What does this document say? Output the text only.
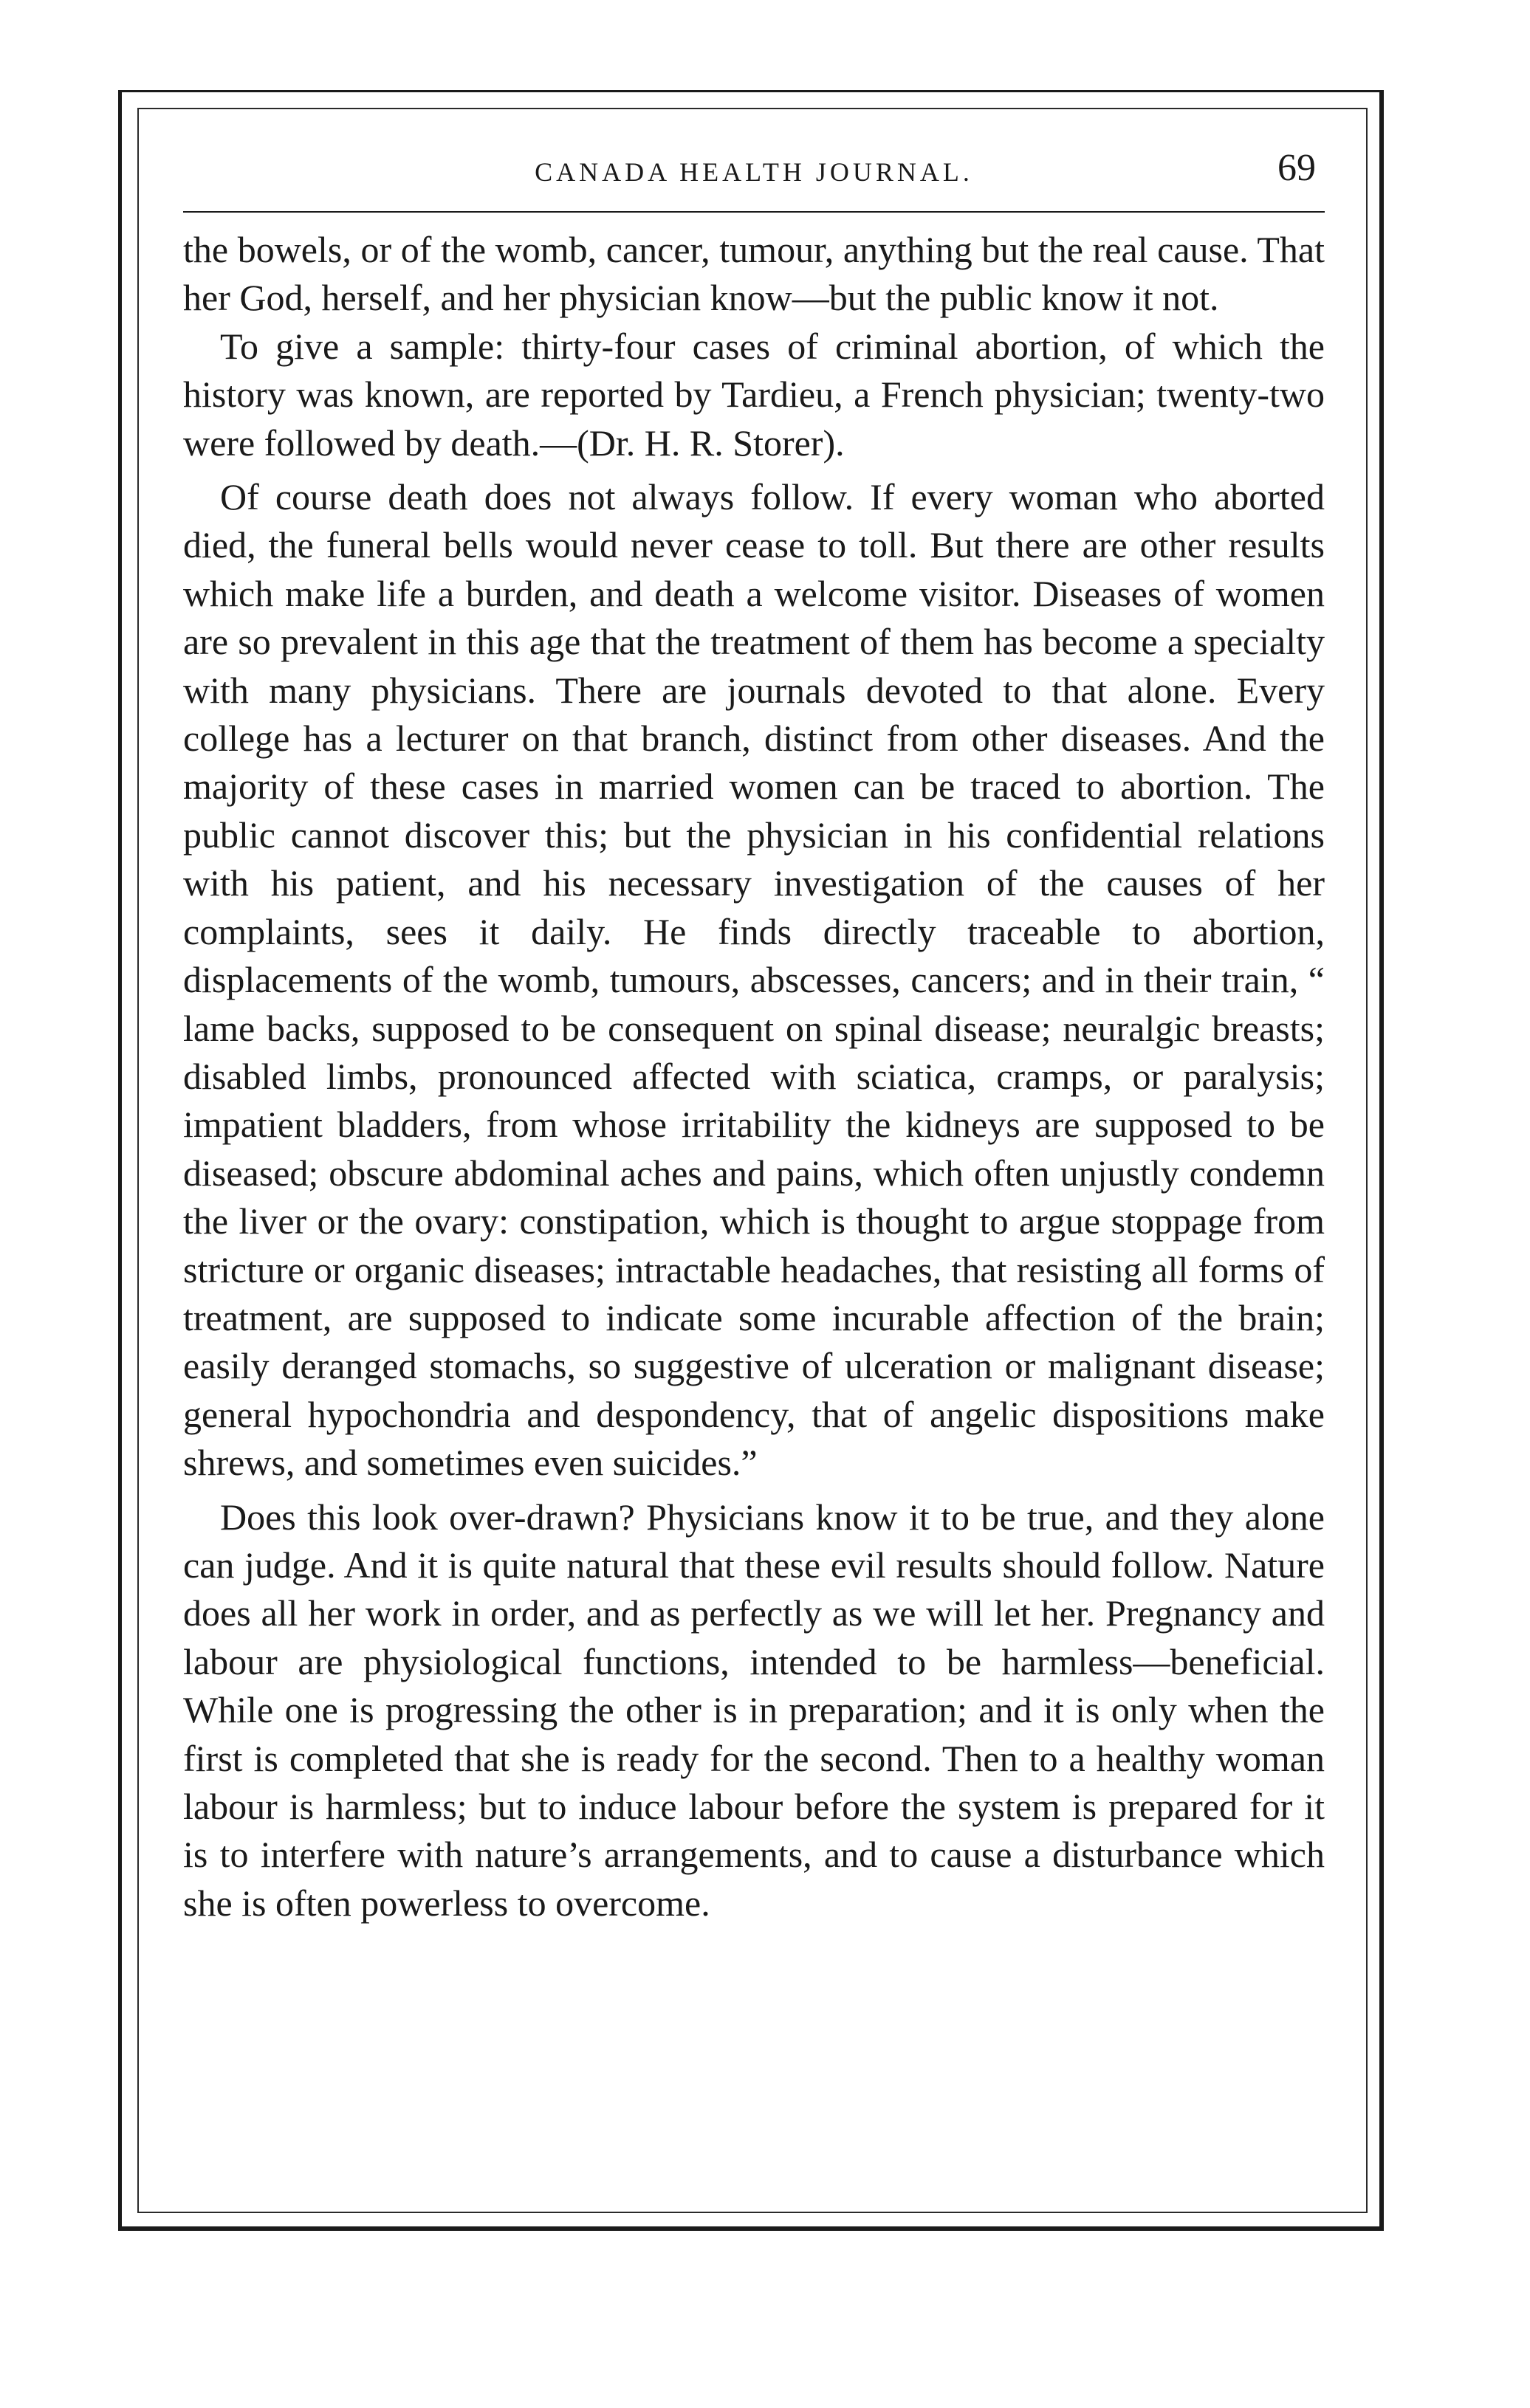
CANADA HEALTH JOURNAL.	69

the bowels, or of the womb, cancer, tumour, anything but the real cause. That her God, herself, and her physician know—but the public know it not.

To give a sample: thirty-four cases of criminal abortion, of which the history was known, are reported by Tardieu, a French physician; twenty-two were followed by death.—(Dr. H. R. Storer).

Of course death does not always follow. If every woman who aborted died, the funeral bells would never cease to toll. But there are other results which make life a burden, and death a welcome visitor. Diseases of women are so prevalent in this age that the treatment of them has become a specialty with many physicians. There are journals devoted to that alone. Every college has a lecturer on that branch, distinct from other diseases. And the majority of these cases in married women can be traced to abortion. The public cannot discover this; but the physician in his confidential relations with his patient, and his necessary investigation of the causes of her complaints, sees it daily. He finds directly traceable to abortion, displacements of the womb, tumours, abscesses, cancers; and in their train, “ lame backs, supposed to be consequent on spinal disease; neuralgic breasts; disabled limbs, pronounced affected with sciatica, cramps, or paralysis; impatient bladders, from whose irritability the kidneys are supposed to be diseased; obscure abdominal aches and pains, which often unjustly condemn the liver or the ovary: constipation, which is thought to argue stoppage from stricture or organic diseases; intractable headaches, that resisting all forms of treatment, are supposed to indicate some incurable affection of the brain; easily deranged stomachs, so suggestive of ulceration or malignant disease; general hypochondria and despondency, that of angelic dispositions make shrews, and sometimes even suicides.”

Does this look over-drawn? Physicians know it to be true, and they alone can judge. And it is quite natural that these evil results should follow. Nature does all her work in order, and as perfectly as we will let her. Pregnancy and labour are physiological functions, intended to be harmless—beneficial. While one is progressing the other is in preparation; and it is only when the first is completed that she is ready for the second. Then to a healthy woman labour is harmless; but to induce labour before the system is prepared for it is to interfere with nature’s arrangements, and to cause a disturbance which she is often powerless to overcome.
